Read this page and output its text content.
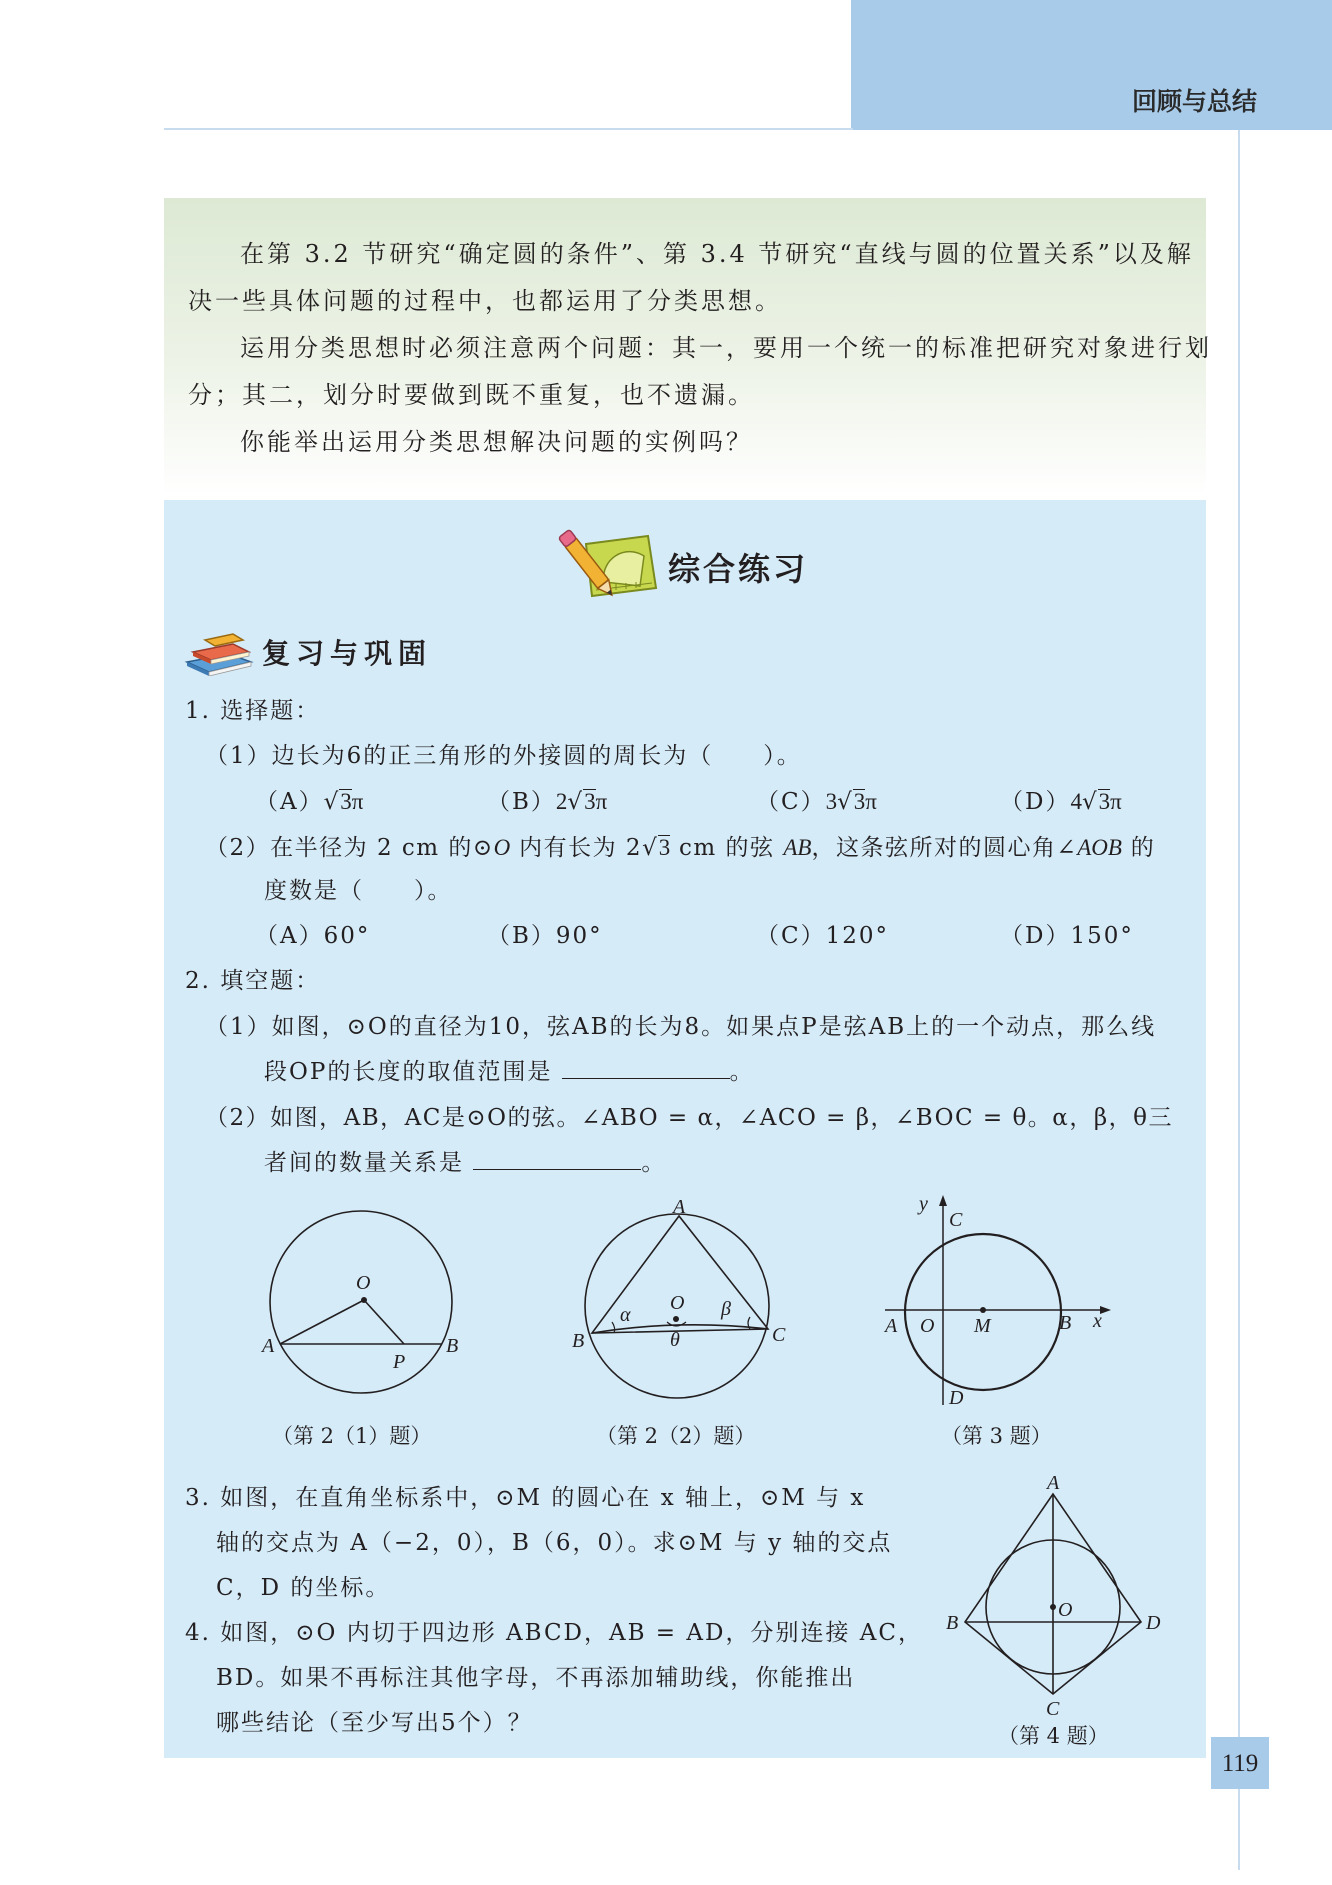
回顾与总结
在第 3.2 节研究“确定圆的条件”、第 3.4 节研究“直线与圆的位置关系”以及解
决一些具体问题的过程中，也都运用了分类思想。
运用分类思想时必须注意两个问题：其一，要用一个统一的标准把研究对象进行划
分；其二，划分时要做到既不重复，也不遗漏。
你能举出运用分类思想解决问题的实例吗？
综合练习
复习与巩固
1. 选择题：
（1）边长为6的正三角形的外接圆的周长为（　　）。
（A）√3π	（B）2√3π	（C）3√3π	（D）4√3π
（2）在半径为 2 cm 的⊙O 内有长为 2√3 cm 的弦 AB，这条弦所对的圆心角∠AOB 的
度数是（　　）。
（A）60°	（B）90°	（C）120°	（D）150°
2. 填空题：
（1）如图，⊙O的直径为10，弦AB的长为8。如果点P是弦AB上的一个动点，那么线
段OP的长度的取值范围是	。
（2）如图，AB，AC是⊙O的弦。∠ABO = α，∠ACO = β，∠BOC = θ。α，β，θ三
者间的数量关系是	。
O
A
P
B
（第 2（1）题）
A
O
α	β
B	C
θ
（第 2（2）题）
y
C
A O M	B x
D
（第 3 题）
3. 如图，在直角坐标系中，⊙M 的圆心在 x 轴上，⊙M 与 x
轴的交点为 A（−2，0），B（6，0）。求⊙M 与 y 轴的交点
C，D 的坐标。
4. 如图，⊙O 内切于四边形 ABCD，AB = AD，分别连接 AC，
BD。如果不再标注其他字母，不再添加辅助线，你能推出
哪些结论（至少写出5个）？
A
O
B	D
C
（第 4 题）
119
